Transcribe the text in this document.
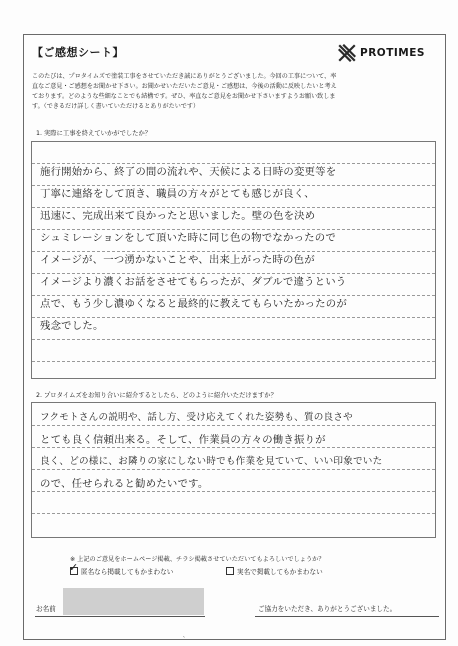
【ご感想シート】	PROTIMES
このたびは、プロタイムズで塗装工事をさせていただき誠にありがとうございました。今回の工事について、率
直なご意見・ご感想をお聞かせ下さい。お聞かせいただいたご意見・ご感想は、今後の活動に反映したいと考え
ております。どのような些細なことでも結構です。ぜひ、率直なご意見をお聞かせ下さいますようお願い致しま
す。（できるだけ詳しく書いていただけるとありがたいです）
1. 実際に工事を終えていかがでしたか？
施行開始から、終了の間の流れや、天候による日時の変更等を
丁寧に連絡をして頂き、職員の方々がとても感じが良く、
迅速に、完成出来て良かったと思いました。壁の色を決め
シュミレーションをして頂いた時に同じ色の物でなかったので
イメージが、一つ湧かないことや、出来上がった時の色が
イメージより濃くお話をさせてもらったが、ダブルで違うという
点で、もう少し濃ゆくなると最終的に教えてもらいたかったのが
残念でした。
2. プロタイムズをお知り合いに紹介するとしたら、どのように紹介いただけますか？
フクモトさんの説明や、話し方、受け応えてくれた姿勢も、質の良さや
とても良く信頼出来る。そして、作業員の方々の働き振りが
良く、どの様に、お隣りの家にしない時でも作業を見ていて、いい印象でいた
ので、任せられると勧めたいです。
※ 上記のご意見をホームページ掲載、チラシ掲載させていただいてもよろしいでしょうか？
✓ 匿名なら掲載してもかまわない	実名で掲載してもかまわない
お名前	ご協力をいただき、ありがとうございました。
、
